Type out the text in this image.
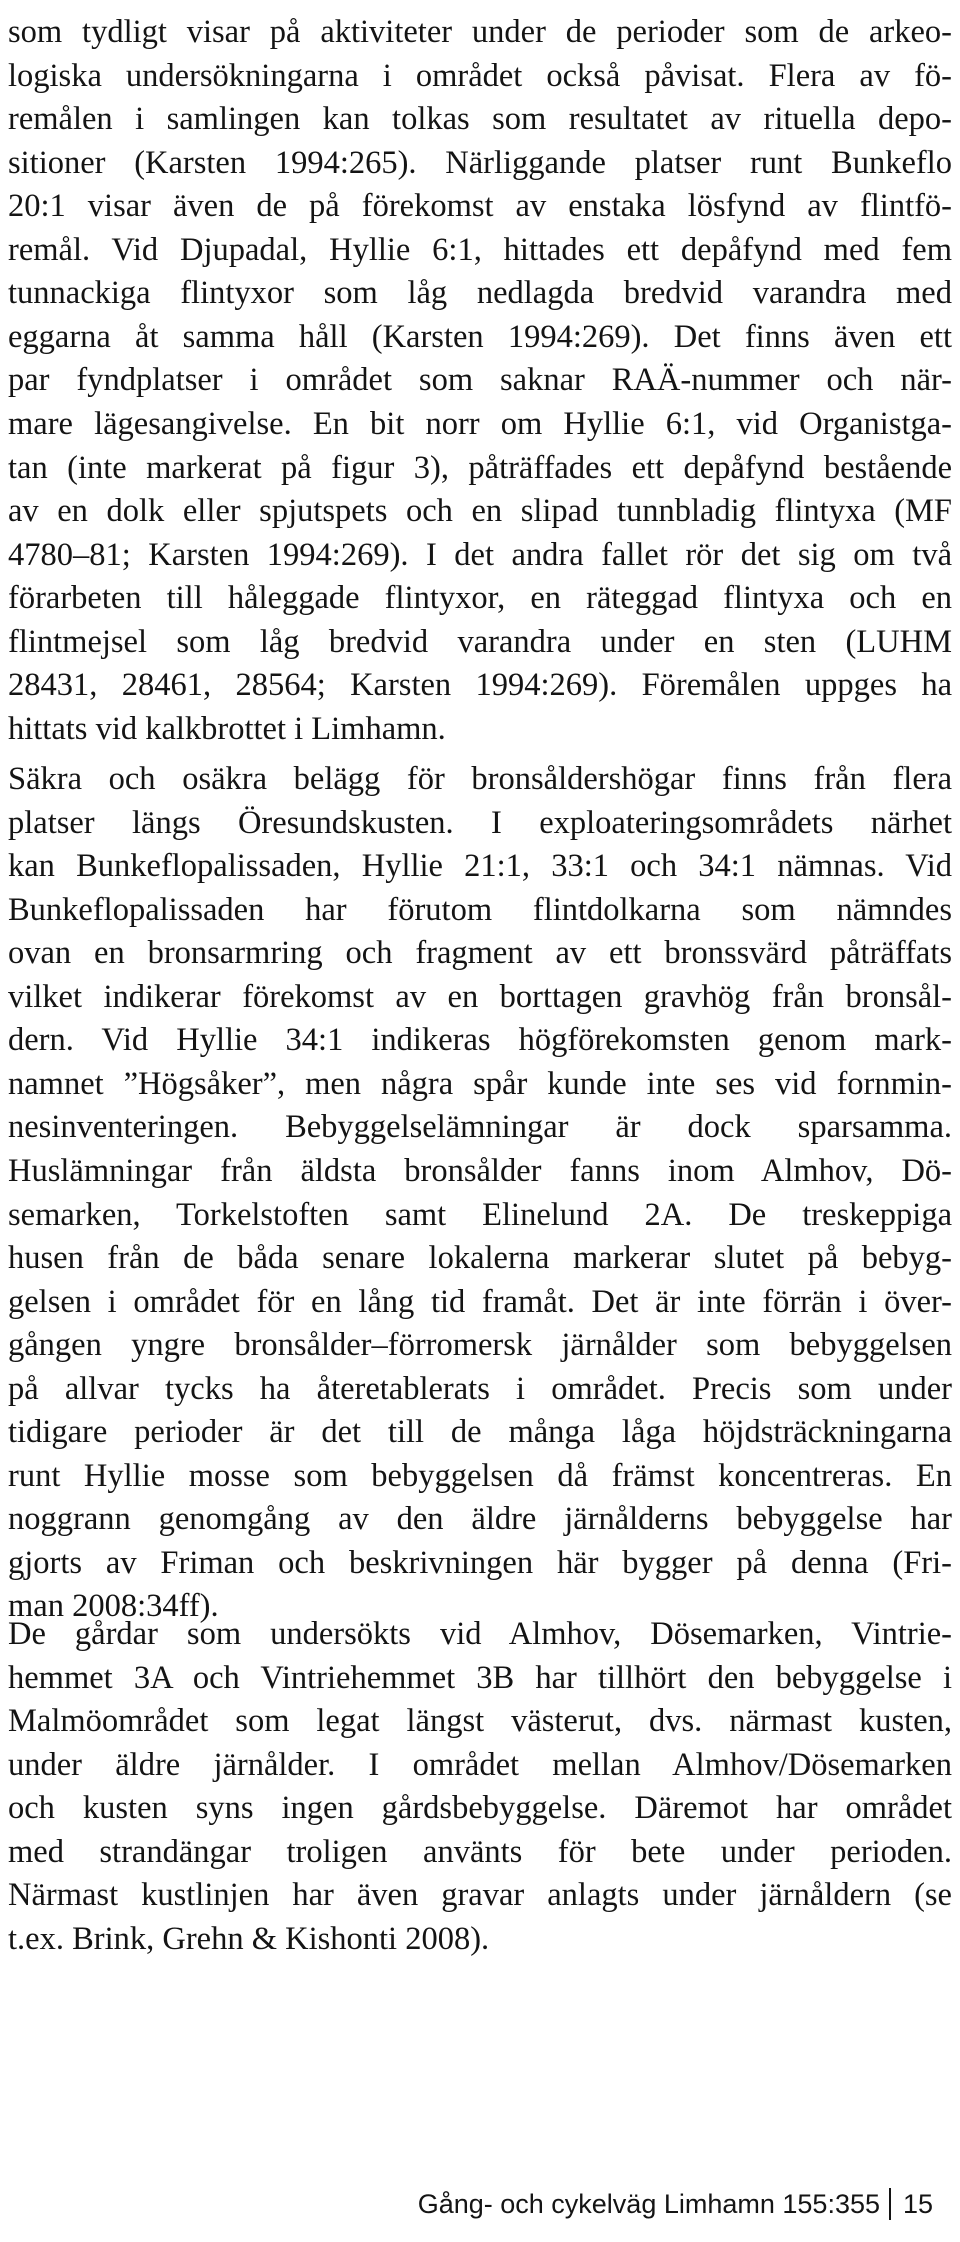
som tydligt visar på aktiviteter under de perioder som de arkeo-
logiska undersökningarna i området också påvisat. Flera av fö-
remålen i samlingen kan tolkas som resultatet av rituella depo-
sitioner (Karsten 1994:265). Närliggande platser runt Bunkeflo
20:1 visar även de på förekomst av enstaka lösfynd av flintfö-
remål. Vid Djupadal, Hyllie 6:1, hittades ett depåfynd med fem
tunnackiga flintyxor som låg nedlagda bredvid varandra med
eggarna åt samma håll (Karsten 1994:269). Det finns även ett
par fyndplatser i området som saknar RAÄ-nummer och när-
mare lägesangivelse. En bit norr om Hyllie 6:1, vid Organistga-
tan (inte markerat på figur 3), påträffades ett depåfynd bestående
av en dolk eller spjutspets och en slipad tunnbladig flintyxa (MF
4780–81; Karsten 1994:269). I det andra fallet rör det sig om två
förarbeten till håleggade flintyxor, en räteggad flintyxa och en
flintmejsel som låg bredvid varandra under en sten (LUHM
28431, 28461, 28564; Karsten 1994:269). Föremålen uppges ha
hittats vid kalkbrottet i Limhamn.
Säkra och osäkra belägg för bronsåldershögar finns från flera
platser längs Öresundskusten. I exploateringsområdets närhet
kan Bunkeflopalissaden, Hyllie 21:1, 33:1 och 34:1 nämnas. Vid
Bunkeflopalissaden har förutom flintdolkarna som nämndes
ovan en bronsarmring och fragment av ett bronssvärd påträffats
vilket indikerar förekomst av en borttagen gravhög från bronsål-
dern. Vid Hyllie 34:1 indikeras högförekomsten genom mark-
namnet ”Högsåker”, men några spår kunde inte ses vid fornmin-
nesinventeringen. Bebyggelselämningar är dock sparsamma.
Huslämningar från äldsta bronsålder fanns inom Almhov, Dö-
semarken, Torkelstoften samt Elinelund 2A. De treskeppiga
husen från de båda senare lokalerna markerar slutet på bebyg-
gelsen i området för en lång tid framåt. Det är inte förrän i över-
gången yngre bronsålder–förromersk järnålder som bebyggelsen
på allvar tycks ha återetablerats i området. Precis som under
tidigare perioder är det till de många låga höjdsträckningarna
runt Hyllie mosse som bebyggelsen då främst koncentreras. En
noggrann genomgång av den äldre järnålderns bebyggelse har
gjorts av Friman och beskrivningen här bygger på denna (Fri-
man 2008:34ff).
De gårdar som undersökts vid Almhov, Dösemarken, Vintrie-
hemmet 3A och Vintriehemmet 3B har tillhört den bebyggelse i
Malmöområdet som legat längst västerut, dvs. närmast kusten,
under äldre järnålder. I området mellan Almhov/Dösemarken
och kusten syns ingen gårdsbebyggelse. Däremot har området
med strandängar troligen använts för bete under perioden.
Närmast kustlinjen har även gravar anlagts under järnåldern (se
t.ex. Brink, Grehn & Kishonti 2008).
Gång- och cykelväg Limhamn 155:355 15
